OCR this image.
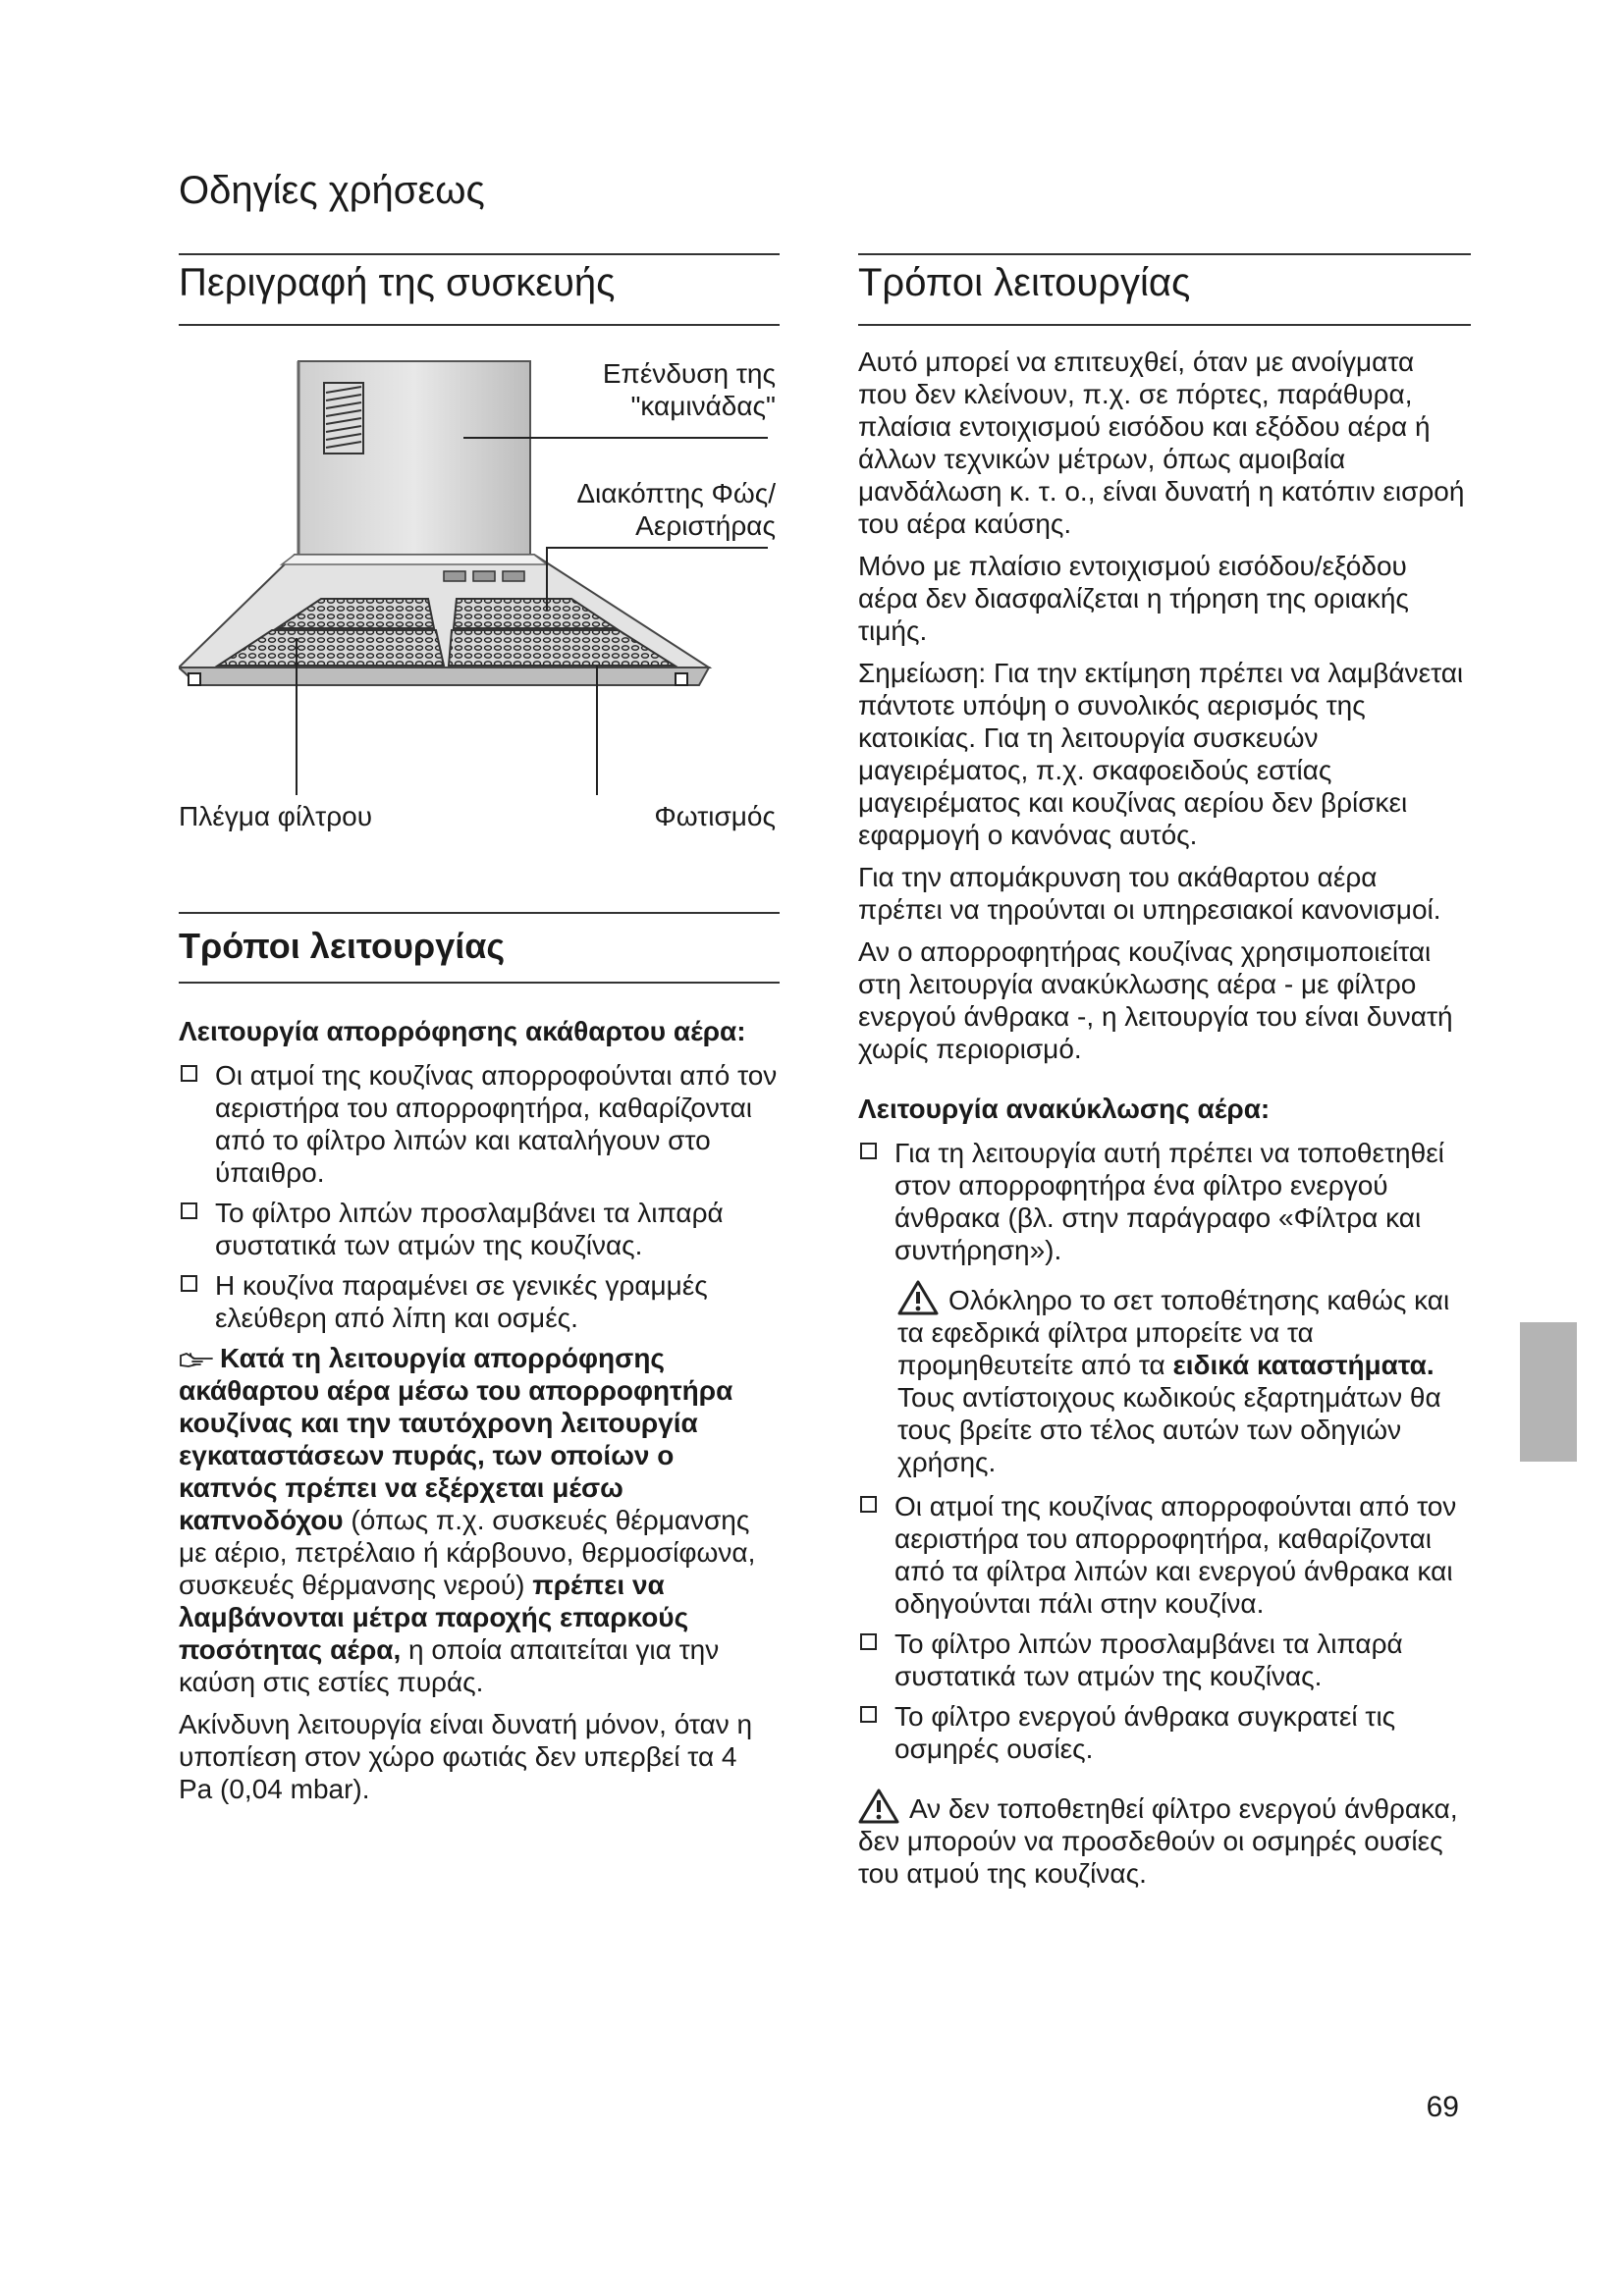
Οδηγίες χρήσεως
Περιγραφή της συσκευής
Επένδυση της "καμινάδας"
Διακόπτης Φώς/Αεριστήρας
Πλέγμα φίλτρου	Φωτισμός
Τρόποι λειτουργίας
Λειτουργία απορρόφησης ακάθαρτου αέρα:
Οι ατμοί της κουζίνας απορροφούνται από τον αεριστήρα του απορροφητήρα, καθαρίζονται από το φίλτρο λιπών και καταλήγουν στο ύπαιθρο.
Το φίλτρο λιπών προσλαμβάνει τα λιπαρά συστατικά των ατμών της κουζίνας.
Η κουζίνα παραμένει σε γενικές γραμμές ελεύθερη από λίπη και οσμές.

Κατά τη λειτουργία απορρόφησης ακάθαρτου αέρα μέσω του απορροφητήρα κουζίνας και την ταυτόχρονη λειτουργία εγκαταστάσεων πυράς, των οποίων ο καπνός πρέπει να εξέρχεται μέσω καπνοδόχου (όπως π.χ. συσκευές θέρμανσης με αέριο, πετρέλαιο ή κάρβουνο, θερμοσίφωνα, συσκευές θέρμανσης νερού) πρέπει να λαμβάνονται μέτρα παροχής επαρκούς ποσότητας αέρα, η οποία απαιτείται για την καύση στις εστίες πυράς.

Ακίνδυνη λειτουργία είναι δυνατή μόνον, όταν η υποπίεση στον χώρο φωτιάς δεν υπερβεί τα 4 Pa (0,04 mbar).

Τρόποι λειτουργίας

Αυτό μπορεί να επιτευχθεί, όταν με ανοίγματα που δεν κλείνουν, π.χ. σε πόρτες, παράθυρα, πλαίσια εντοιχισμού εισόδου και εξόδου αέρα ή άλλων τεχνικών μέτρων, όπως αμοιβαία μανδάλωση κ. τ. ο., είναι δυνατή η κατόπιν εισροή του αέρα καύσης.

Μόνο με πλαίσιο εντοιχισμού εισόδου/εξόδου αέρα δεν διασφαλίζεται η τήρηση της οριακής τιμής.

Σημείωση: Για την εκτίμηση πρέπει να λαμβάνεται πάντοτε υπόψη ο συνολικός αερισμός της κατοικίας. Για τη λειτουργία συσκευών μαγειρέματος, π.χ. σκαφοειδούς εστίας μαγειρέματος και κουζίνας αερίου δεν βρίσκει εφαρμογή ο κανόνας αυτός.

Για την απομάκρυνση του ακάθαρτου αέρα πρέπει να τηρούνται οι υπηρεσιακοί κανονισμοί.

Αν ο απορροφητήρας κουζίνας χρησιμοποιείται στη λειτουργία ανακύκλωσης αέρα - με φίλτρο ενεργού άνθρακα -, η λειτουργία του είναι δυνατή χωρίς περιορισμό.

Λειτουργία ανακύκλωσης αέρα:
Για τη λειτουργία αυτή πρέπει να τοποθετηθεί στον απορροφητήρα ένα φίλτρο ενεργού άνθρακα (βλ. στην παράγραφο «Φίλτρα και συντήρηση»).
Ολόκληρο το σετ τοποθέτησης καθώς και τα εφεδρικά φίλτρα μπορείτε να τα προμηθευτείτε από τα ειδικά καταστήματα.
Τους αντίστοιχους κωδικούς εξαρτημάτων θα τους βρείτε στο τέλος αυτών των οδηγιών χρήσης.
Οι ατμοί της κουζίνας απορροφούνται από τον αεριστήρα του απορροφητήρα, καθαρίζονται από τα φίλτρα λιπών και ενεργού άνθρακα και οδηγούνται πάλι στην κουζίνα.
Το φίλτρο λιπών προσλαμβάνει τα λιπαρά συστατικά των ατμών της κουζίνας.
Το φίλτρο ενεργού άνθρακα συγκρατεί τις οσμηρές ουσίες.
Αν δεν τοποθετηθεί φίλτρο ενεργού άνθρακα, δεν μπορούν να προσδεθούν οι οσμηρές ουσίες του ατμού της κουζίνας.
69
